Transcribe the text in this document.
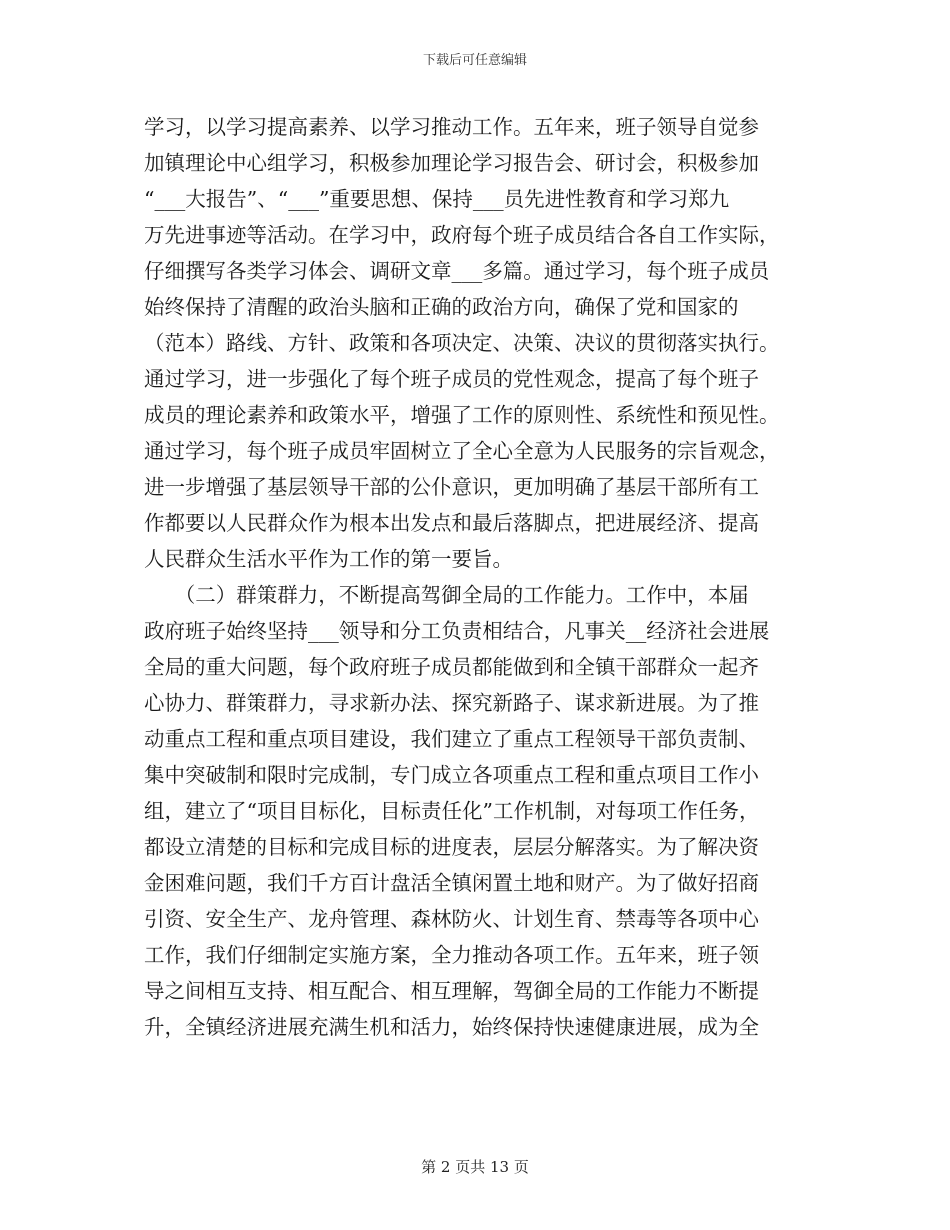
下载后可任意编辑
学习，以学习提高素养、以学习推动工作。五年来，班子领导自觉参
加镇理论中心组学习，积极参加理论学习报告会、研讨会，积极参加
“___大报告”、“___”重要思想、保持___员先进性教育和学习郑九
万先进事迹等活动。在学习中，政府每个班子成员结合各自工作实际，
仔细撰写各类学习体会、调研文章___多篇。通过学习，每个班子成员
始终保持了清醒的政治头脑和正确的政治方向，确保了党和国家的
（范本）路线、方针、政策和各项决定、决策、决议的贯彻落实执行。
通过学习，进一步强化了每个班子成员的党性观念，提高了每个班子
成员的理论素养和政策水平，增强了工作的原则性、系统性和预见性。
通过学习，每个班子成员牢固树立了全心全意为人民服务的宗旨观念，
进一步增强了基层领导干部的公仆意识，更加明确了基层干部所有工
作都要以人民群众作为根本出发点和最后落脚点，把进展经济、提高
人民群众生活水平作为工作的第一要旨。
　　（二）群策群力，不断提高驾御全局的工作能力。工作中，本届
政府班子始终坚持___领导和分工负责相结合，凡事关__经济社会进展
全局的重大问题，每个政府班子成员都能做到和全镇干部群众一起齐
心协力、群策群力，寻求新办法、探究新路子、谋求新进展。为了推
动重点工程和重点项目建设，我们建立了重点工程领导干部负责制、
集中突破制和限时完成制，专门成立各项重点工程和重点项目工作小
组，建立了“项目目标化，目标责任化”工作机制，对每项工作任务，
都设立清楚的目标和完成目标的进度表，层层分解落实。为了解决资
金困难问题，我们千方百计盘活全镇闲置土地和财产。为了做好招商
引资、安全生产、龙舟管理、森林防火、计划生育、禁毒等各项中心
工作，我们仔细制定实施方案，全力推动各项工作。五年来，班子领
导之间相互支持、相互配合、相互理解，驾御全局的工作能力不断提
升，全镇经济进展充满生机和活力，始终保持快速健康进展，成为全
第 2 页共 13 页
